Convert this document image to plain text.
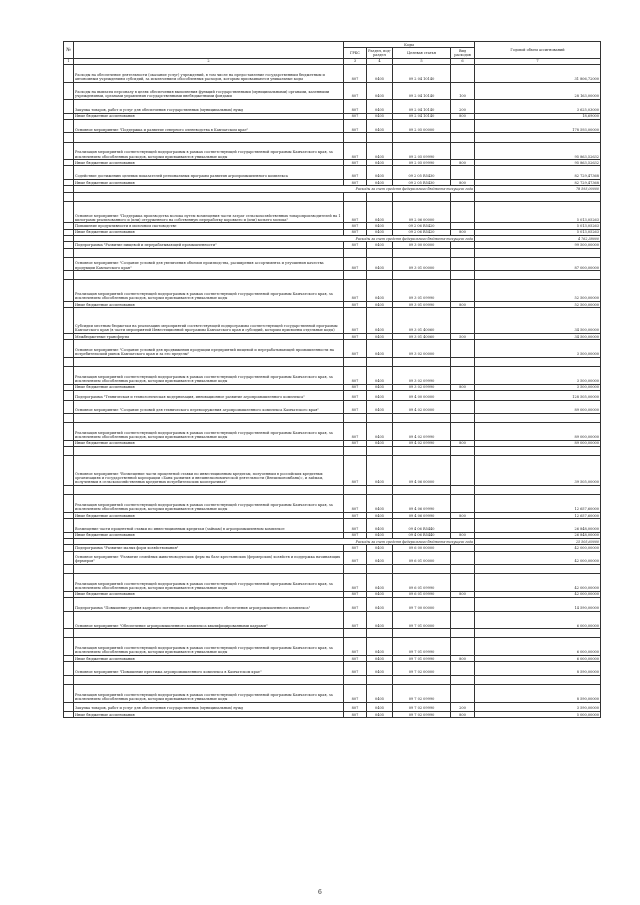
№		Коды				Годовой объем ассигнований
		ГРБС	Раздел, под-раздел	Целевая статья	Вид расходов	
1	2	3	4	5	6	7
	Расходы на обеспечение деятельности (оказание услуг) учреждений, в том числе на предоставление государственным бюджетным и автономным учреждениям субсидий, за исключением обособленных расходов, которым присваиваются уникальные коды	807	0405	09 2 04 10140		31 806,72000
	Расходы на выплаты персоналу в целях обеспечения выполнения функций государственными (муниципальными) органами, казенными учреждениями, органами управления государственными внебюджетными фондами	807	0405	09 2 04 10140	100	28 163,00000
	Закупка товаров, работ и услуг для обеспечения государственных (муниципальных) нужд	807	0405	09 2 04 10140	200	3 625,03000
	Иные бюджетные ассигнования	807	0405	09 2 04 10140	800	18,69000
	Основное мероприятие "Поддержка и развитие северного оленеводства в Камчатском крае"	807	0405	09 2 05 00000		178 593,00000

	Реализация мероприятий соответствующей подпрограммы в рамках соответствующей государственной программы Камчатского края, за исключением обособленных расходов, которым присваиваются уникальные коды	807	0405	09 2 05 09990		95 863,52632
	Иные бюджетные ассигнования	807	0405	09 2 05 09990	800	95 863,52632
	Содействие достижению целевых показателей региональных программ развития агропромышленного комплекса	807	0405	09 2 05 R5430		82 729,47368
	Иные бюджетные ассигнования	807	0405	09 2 05 R5430	800	82 729,47368
	Расходы за счет средств федерального бюджета-текущего года					78 593,00000

	Основное мероприятие "Поддержка производства молока путем возмещения части затрат сельскохозяйственных товаропроизводителей на 1 килограмм реализованного и (или) отгруженного на собственную переработку коровьего и (или) козьего молока"	807	0405	09 2 06 00000		5 013,05263
	Повышение продуктивности в молочном скотоводстве	807	0405	09 2 06 R5420		5 013,05263
	Иные бюджетные ассигнования	807	0405	09 2 06 R5420	800	5 013,05263
	Расходы за счет средств федерального бюджета-текущего года					4 762,38000
	Подпрограмма "Развитие пищевой и перерабатывающей промышленности"	807	0405	09 3 00 00000		99 500,00000

	Основное мероприятие "Создание условий для увеличения объемов производства, расширения ассортимента и улучшения качества продукции Камчатского края"	807	0405	09 3 01 00000		87 000,00000

	Реализация мероприятий соответствующей подпрограммы в рамках соответствующей государственной программы Камчатского края, за исключением обособленных расходов, которым присваиваются уникальные коды	807	0405	09 3 01 09990		52 500,00000
	Иные бюджетные ассигнования	807	0405	09 3 01 09990	800	52 500,00000
	Субсидии местным бюджетам на реализацию мероприятий соответствующей подпрограммы соответствующей государственной программы Камчатского края (в части мероприятий Инвестиционной программы Камчатского края и субсидий, которым присвоены отдельные коды)	807	0405	09 3 01 40060		34 500,00000
	Межбюджетные трансферты	807	0405	09 3 01 40060	500	34 500,00000
	Основное мероприятие "Создание условий для продвижения продукции предприятий пищевой и перерабатывающей промышленности на потребительский рынок Камчатского края и за его пределы"	807	0405	09 3 02 00000		3 500,00000

	Реализация мероприятий соответствующей подпрограммы в рамках соответствующей государственной программы Камчатского края, за исключением обособленных расходов, которым присваиваются уникальные коды	807	0405	09 3 02 09990		3 500,00000
	Иные бюджетные ассигнования	807	0405	09 3 02 09990	800	3 500,00000
	Подпрограмма "Техническая и технологическая модернизация, инновационное развитие агропромышленного комплекса"	807	0405	09 4 00 00000		128 505,00000
	Основное мероприятие "Создание условий для технического перевооружения агропромышленного комплекса Камчатского края"	807	0405	09 4 02 00000		89 000,00000

	Реализация мероприятий соответствующей подпрограммы в рамках соответствующей государственной программы Камчатского края, за исключением обособленных расходов, которым присваиваются уникальные коды	807	0405	09 4 02 09990		89 000,00000
	Иные бюджетные ассигнования	807	0405	09 4 02 09990	800	89 000,00000

	Основное мероприятие "Возмещение части процентной ставки по инвестиционным кредитам, полученным в российских кредитных организациях и государственной корпорации «Банк развития и внешнеэкономической деятельности (Внешэкономбанк)», и займам, полученным в сельскохозяйственных кредитных потребительских кооперативах"	807	0405	09 4 06 00000		39 505,00000

	Реализация мероприятий соответствующей подпрограммы в рамках соответствующей государственной программы Камчатского края, за исключением обособленных расходов, которым присваиваются уникальные коды	807	0405	09 4 06 09990		12 657,60000
	Иные бюджетные ассигнования	807	0405	09 4 06 09990	800	12 657,60000
	Возмещение части процентной ставки по инвестиционным кредитам (займам) в агропромышленном комплексе	807	0405	09 4 06 R5440		26 848,00000
	Иные бюджетные ассигнования	807	0405	09 4 06 R5440	800	26 848,00000
	Расходы за счет средств федерального бюджета-текущего года					25 505,60000
	Подпрограмма "Развитие малых форм хозяйствования"	807	0405	09 6 00 00000		42 000,00000
	Основное мероприятие "Развитие семейных животноводческих ферм на базе крестьянских (фермерских) хозяйств и поддержка начинающих фермеров"	807	0405	09 6 01 00000		42 000,00000

	Реализация мероприятий соответствующей подпрограммы в рамках соответствующей государственной программы Камчатского края, за исключением обособленных расходов, которым присваиваются уникальные коды	807	0405	09 6 01 09990		42 000,00000
	Иные бюджетные ассигнования	807	0405	09 6 01 09990	800	42 000,00000
	Подпрограмма "Повышение уровня кадрового потенциала и информационного обеспечения агропромышленного комплекса"	807	0405	09 7 00 00000		14 590,00000
	Основное мероприятие "Обеспечение агропромышленного комплекса квалифицированными кадрами"	807	0405	09 7 01 00000		6 000,00000

	Реализация мероприятий соответствующей подпрограммы в рамках соответствующей государственной программы Камчатского края, за исключением обособленных расходов, которым присваиваются уникальные коды	807	0405	09 7 01 09990		6 000,00000
	Иные бюджетные ассигнования	807	0405	09 7 01 09990	800	6 000,00000
	Основное мероприятие "Повышение престижа агропромышленного комплекса в Камчатском крае"	807	0405	09 7 02 00000		8 590,00000

	Реализация мероприятий соответствующей подпрограммы в рамках соответствующей государственной программы Камчатского края, за исключением обособленных расходов, которым присваиваются уникальные коды	807	0405	09 7 02 09990		8 590,00000
	Закупка товаров, работ и услуг для обеспечения государственных (муниципальных) нужд	807	0405	09 7 02 09990	200	3 590,00000
	Иные бюджетные ассигнования	807	0405	09 7 02 09990	800	5 000,00000
6
